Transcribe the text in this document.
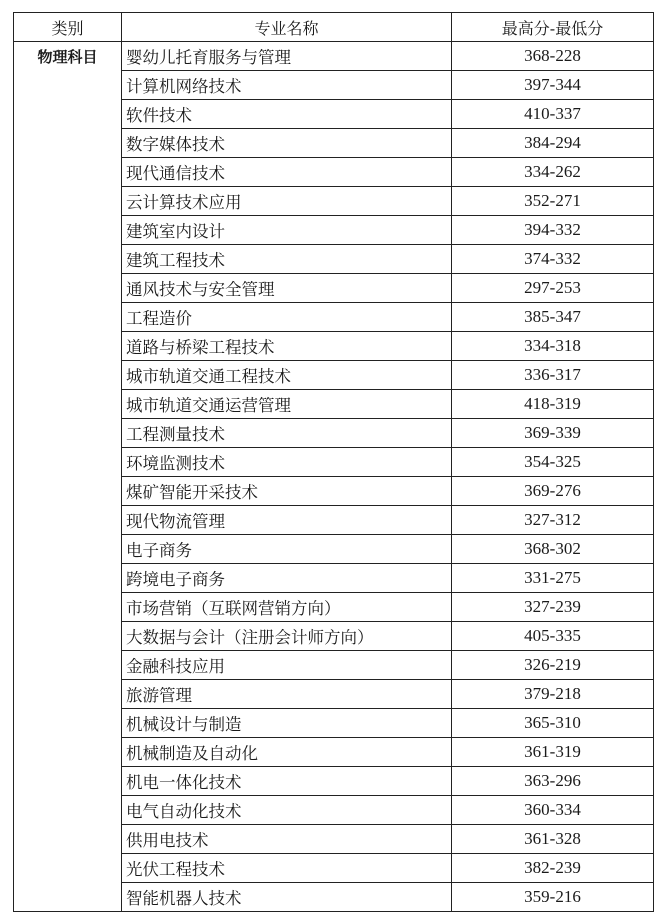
类别	专业名称	最高分-最低分
物理科目	婴幼儿托育服务与管理	368-228
	计算机网络技术	397-344
	软件技术	410-337
	数字媒体技术	384-294
	现代通信技术	334-262
	云计算技术应用	352-271
	建筑室内设计	394-332
	建筑工程技术	374-332
	通风技术与安全管理	297-253
	工程造价	385-347
	道路与桥梁工程技术	334-318
	城市轨道交通工程技术	336-317
	城市轨道交通运营管理	418-319
	工程测量技术	369-339
	环境监测技术	354-325
	煤矿智能开采技术	369-276
	现代物流管理	327-312
	电子商务	368-302
	跨境电子商务	331-275
	市场营销（互联网营销方向）	327-239
	大数据与会计（注册会计师方向）	405-335
	金融科技应用	326-219
	旅游管理	379-218
	机械设计与制造	365-310
	机械制造及自动化	361-319
	机电一体化技术	363-296
	电气自动化技术	360-334
	供用电技术	361-328
	光伏工程技术	382-239
	智能机器人技术	359-216
